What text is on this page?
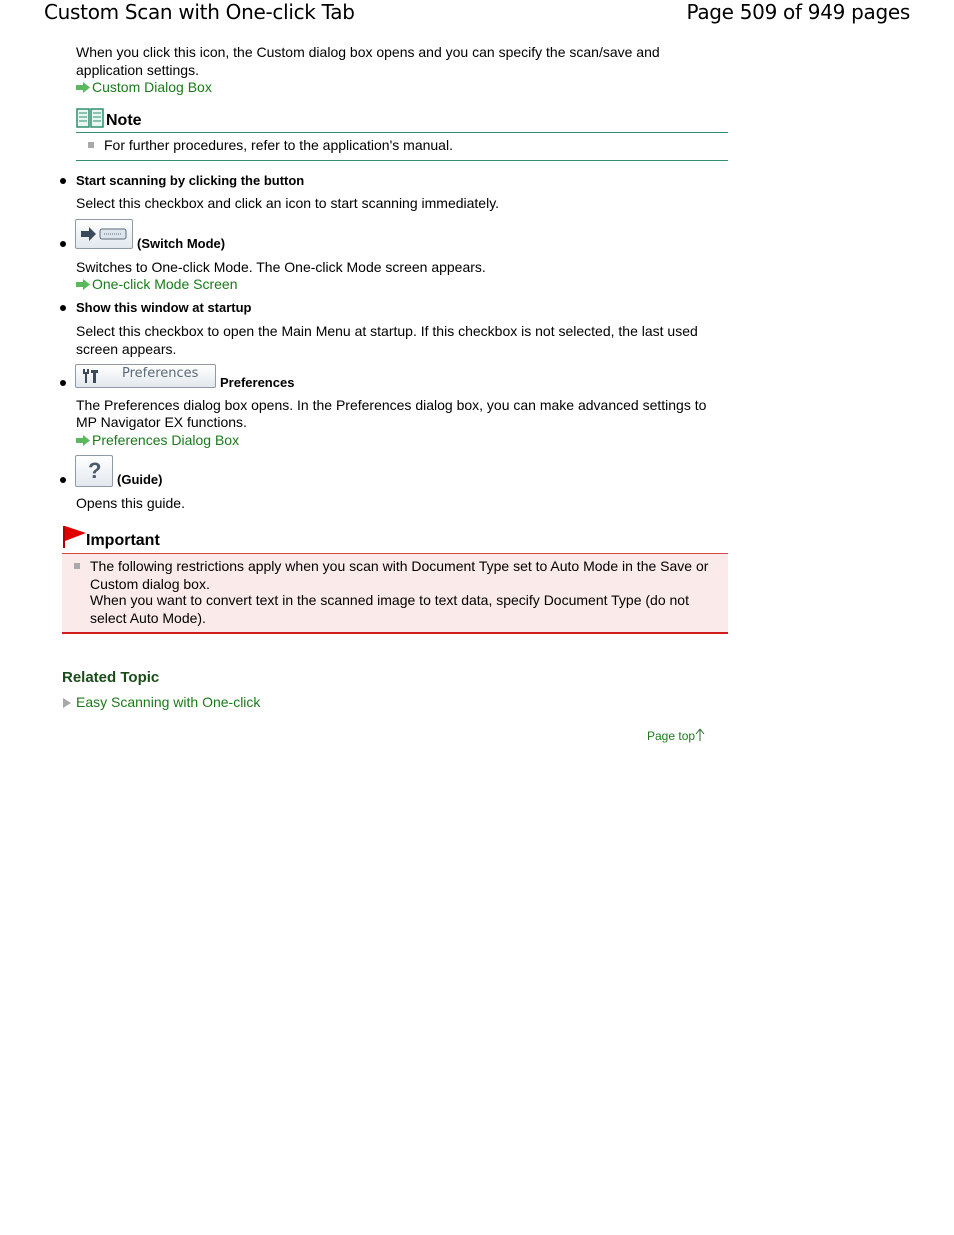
Custom Scan with One-click Tab	Page 509 of 949 pages
When you click this icon, the Custom dialog box opens and you can specify the scan/save and
application settings.
Custom Dialog Box
Note
For further procedures, refer to the application's manual.
Start scanning by clicking the button
Select this checkbox and click an icon to start scanning immediately.
(Switch Mode)
Switches to One-click Mode. The One-click Mode screen appears.
One-click Mode Screen
Show this window at startup
Select this checkbox to open the Main Menu at startup. If this checkbox is not selected, the last used
screen appears.
Preferences
Preferences
The Preferences dialog box opens. In the Preferences dialog box, you can make advanced settings to
MP Navigator EX functions.
Preferences Dialog Box
? (Guide)
Opens this guide.
Important
The following restrictions apply when you scan with Document Type set to Auto Mode in the Save or
Custom dialog box.
When you want to convert text in the scanned image to text data, specify Document Type (do not
select Auto Mode).
Related Topic
Easy Scanning with One-click
Page top
